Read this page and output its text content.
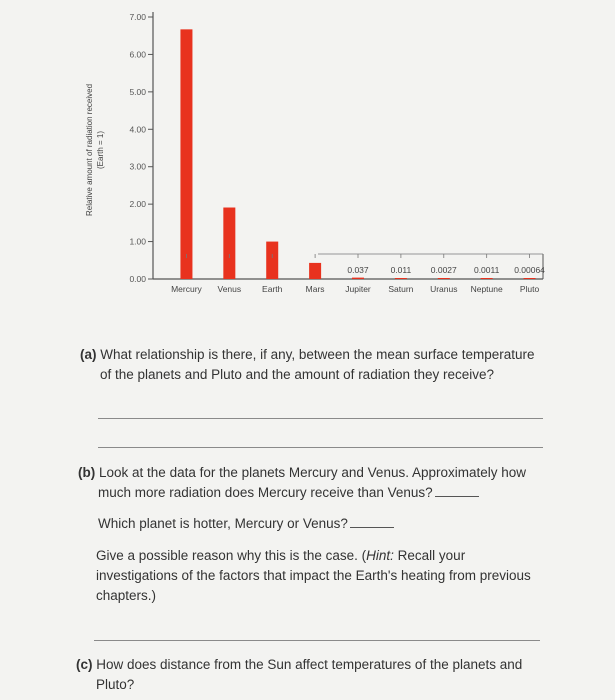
Relative amount of radiation received (Earth = 1)
0.00
1.00
2.00
3.00
4.00
5.00
6.00
7.00
Mercury Venus Earth	Mars Jupiter
0.037
Saturn
0.011
Uranus
0.0027
Neptune
0.0011
Pluto
0.00064
(a) What relationship is there, if any, between the mean surface temperature
of the planets and Pluto and the amount of radiation they receive?
(b) Look at the data for the planets Mercury and Venus. Approximately how
much more radiation does Mercury receive than Venus?
Which planet is hotter, Mercury or Venus?
Give a possible reason why this is the case. (Hint: Recall your
investigations of the factors that impact the Earth's heating from previous
chapters.)
(c) How does distance from the Sun affect temperatures of the planets and
Pluto?
